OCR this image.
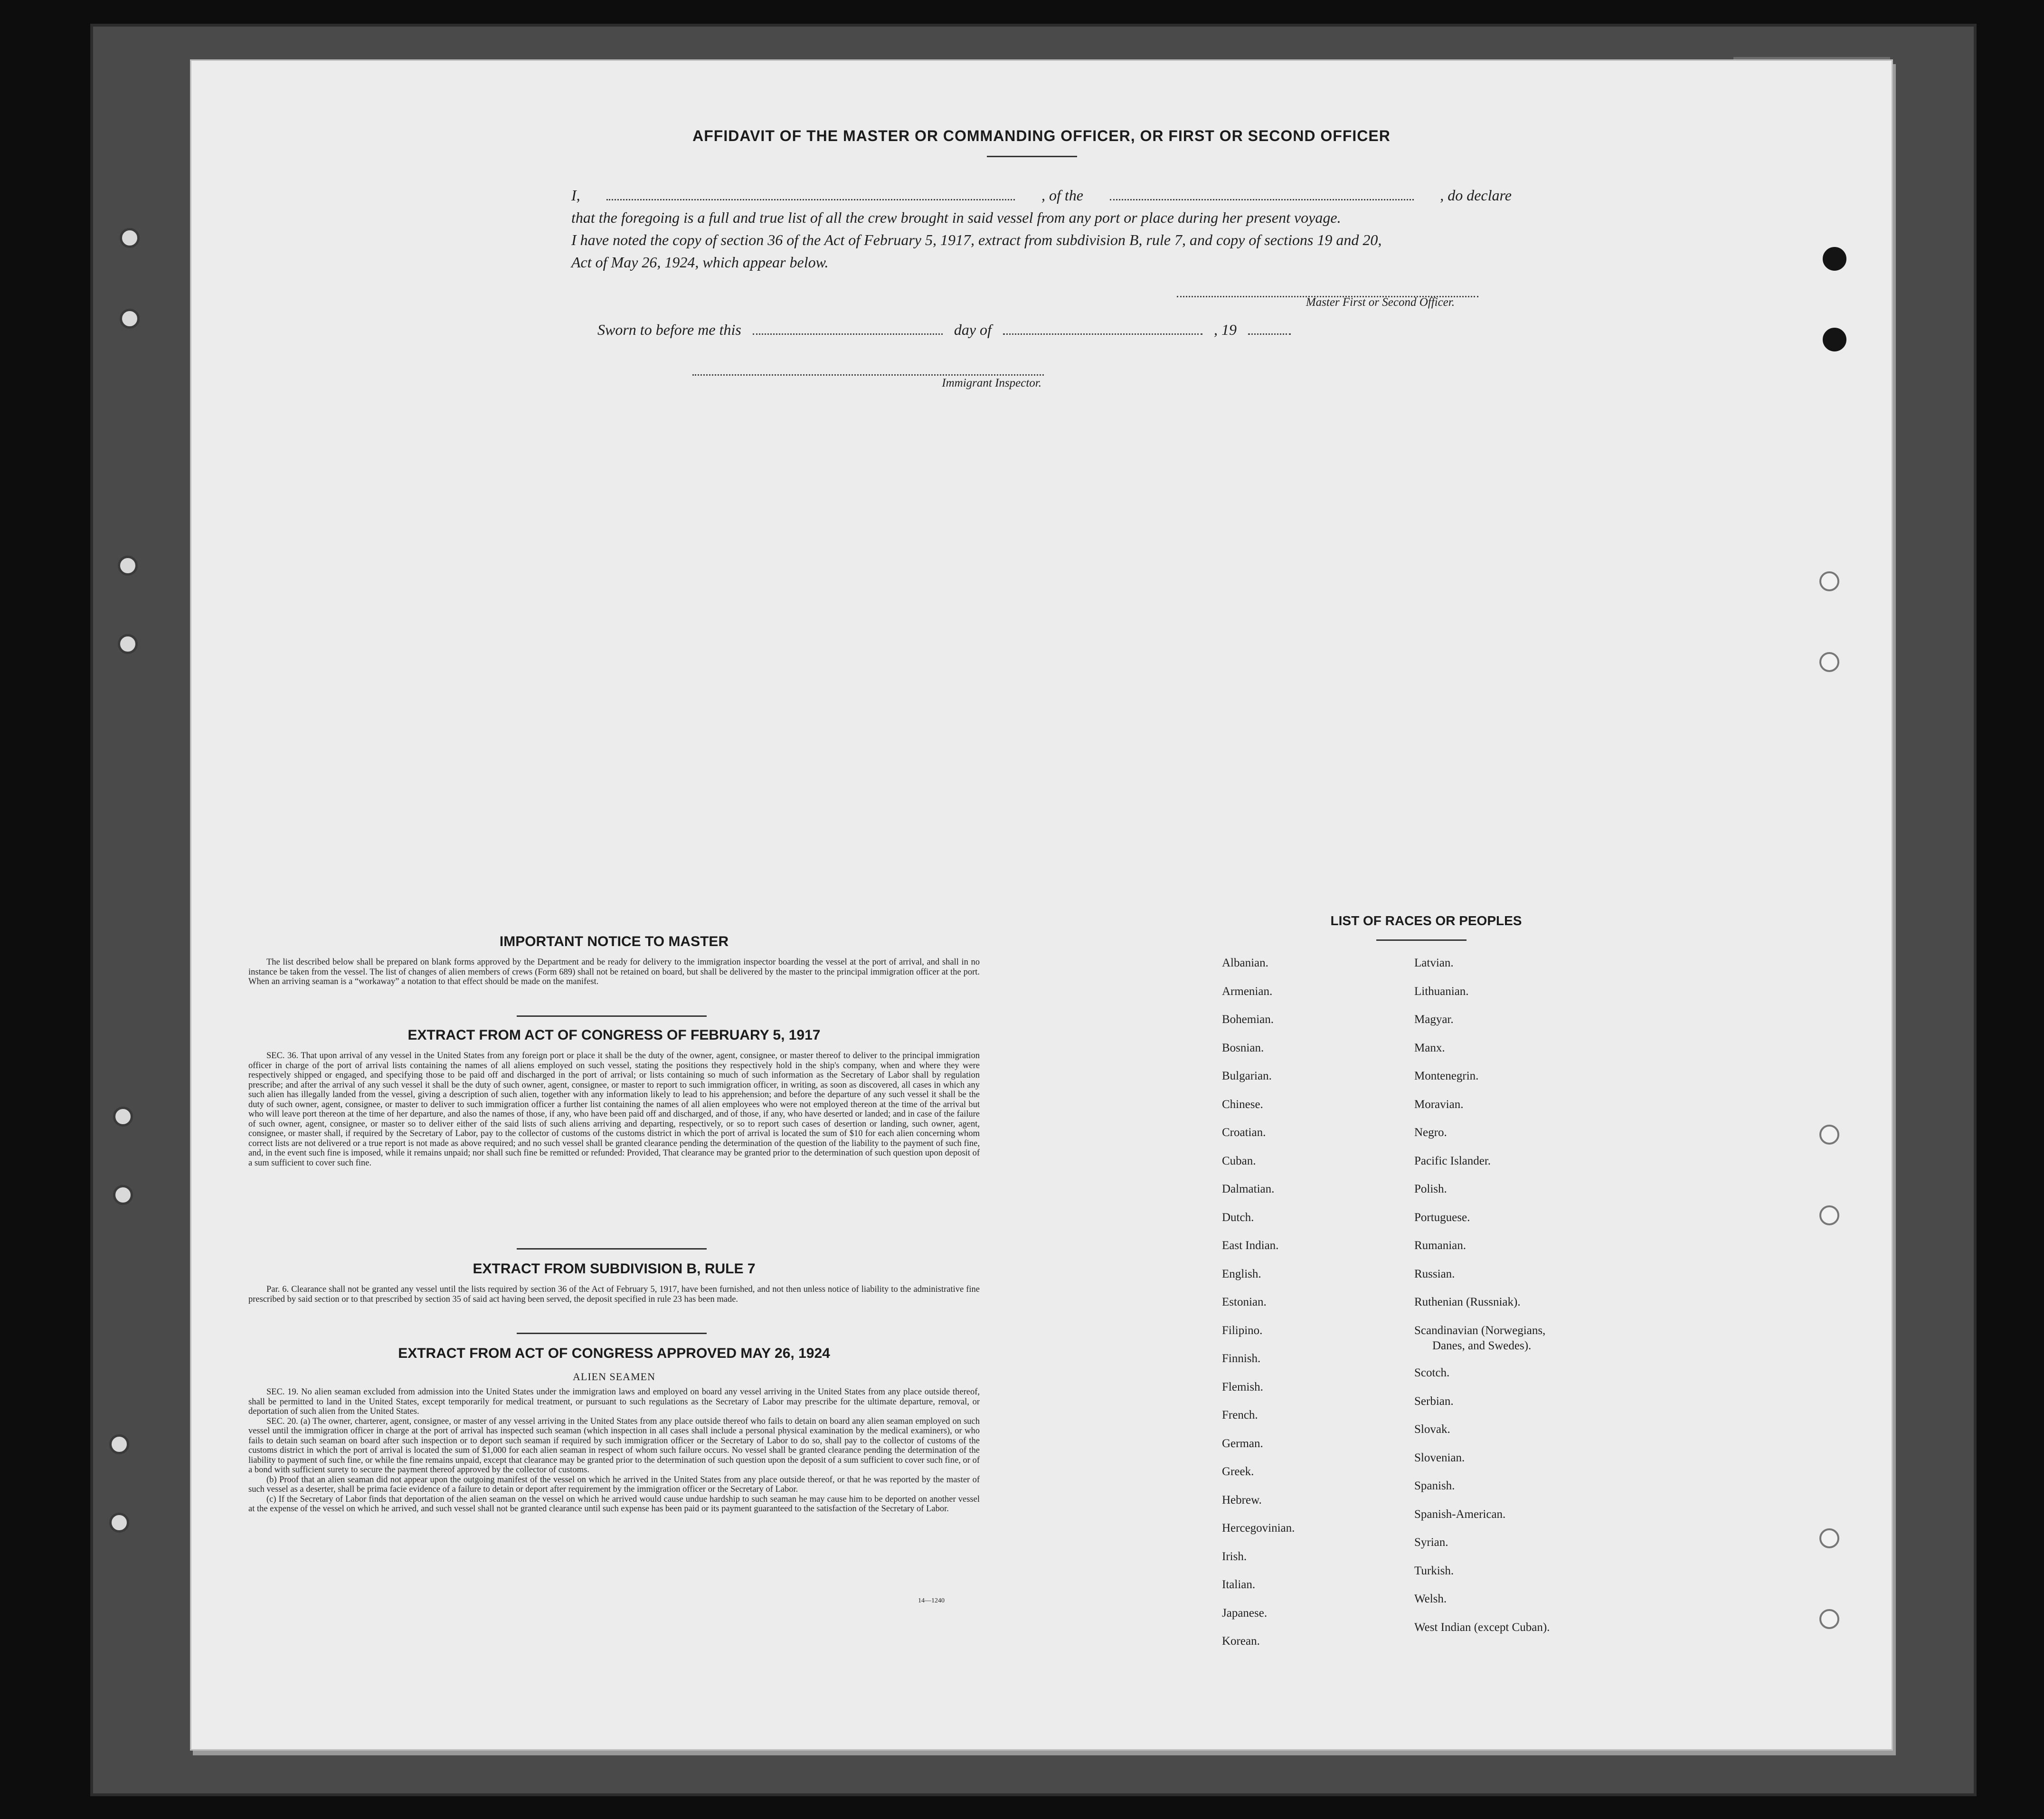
AFFIDAVIT OF THE MASTER OR COMMANDING OFFICER, OR FIRST OR SECOND OFFICER
I,	, of the	, do declare
that the foregoing is a full and true list of all the crew brought in said vessel from any port or place during her present voyage.
I have noted the copy of section 36 of the Act of February 5, 1917, extract from subdivision B, rule 7, and copy of sections 19 and 20,
Act of May 26, 1924, which appear below.
Master First or Second Officer.
Sworn to before me this	day of	, 19
Immigrant Inspector.
IMPORTANT NOTICE TO MASTER

The list described below shall be prepared on blank forms approved by the Department and be ready for delivery to the immigration inspector boarding the vessel at the port of arrival, and shall in no instance be taken from the vessel. The list of changes of alien members of crews (Form 689) shall not be retained on board, but shall be delivered by the master to the principal immigration officer at the port. When an arriving seaman is a “workaway” a notation to that effect should be made on the manifest.

EXTRACT FROM ACT OF CONGRESS OF FEBRUARY 5, 1917

SEC. 36. That upon arrival of any vessel in the United States from any foreign port or place it shall be the duty of the owner, agent, consignee, or master thereof to deliver to the principal immigration officer in charge of the port of arrival lists containing the names of all aliens employed on such vessel, stating the positions they respectively hold in the ship's company, when and where they were respectively shipped or engaged, and specifying those to be paid off and discharged in the port of arrival; or lists containing so much of such information as the Secretary of Labor shall by regulation prescribe; and after the arrival of any such vessel it shall be the duty of such owner, agent, consignee, or master to report to such immigration officer, in writing, as soon as discovered, all cases in which any such alien has illegally landed from the vessel, giving a description of such alien, together with any information likely to lead to his apprehension; and before the departure of any such vessel it shall be the duty of such owner, agent, consignee, or master to deliver to such immigration officer a further list containing the names of all alien employees who were not employed thereon at the time of the arrival but who will leave port thereon at the time of her departure, and also the names of those, if any, who have been paid off and discharged, and of those, if any, who have deserted or landed; and in case of the failure of such owner, agent, consignee, or master so to deliver either of the said lists of such aliens arriving and departing, respectively, or so to report such cases of desertion or landing, such owner, agent, consignee, or master shall, if required by the Secretary of Labor, pay to the collector of customs of the customs district in which the port of arrival is located the sum of $10 for each alien concerning whom correct lists are not delivered or a true report is not made as above required; and no such vessel shall be granted clearance pending the determination of the question of the liability to the payment of such fine, and, in the event such fine is imposed, while it remains unpaid; nor shall such fine be remitted or refunded: Provided, That clearance may be granted prior to the determination of such question upon deposit of a sum sufficient to cover such fine.

EXTRACT FROM SUBDIVISION B, RULE 7

Par. 6. Clearance shall not be granted any vessel until the lists required by section 36 of the Act of February 5, 1917, have been furnished, and not then unless notice of liability to the administrative fine prescribed by said section or to that prescribed by section 35 of said act having been served, the deposit specified in rule 23 has been made.

EXTRACT FROM ACT OF CONGRESS APPROVED MAY 26, 1924
ALIEN SEAMEN

SEC. 19. No alien seaman excluded from admission into the United States under the immigration laws and employed on board any vessel arriving in the United States from any place outside thereof, shall be permitted to land in the United States, except temporarily for medical treatment, or pursuant to such regulations as the Secretary of Labor may prescribe for the ultimate departure, removal, or deportation of such alien from the United States.

SEC. 20. (a) The owner, charterer, agent, consignee, or master of any vessel arriving in the United States from any place outside thereof who fails to detain on board any alien seaman employed on such vessel until the immigration officer in charge at the port of arrival has inspected such seaman (which inspection in all cases shall include a personal physical examination by the medical examiners), or who fails to detain such seaman on board after such inspection or to deport such seaman if required by such immigration officer or the Secretary of Labor to do so, shall pay to the collector of customs of the customs district in which the port of arrival is located the sum of $1,000 for each alien seaman in respect of whom such failure occurs. No vessel shall be granted clearance pending the determination of the liability to payment of such fine, or while the fine remains unpaid, except that clearance may be granted prior to the determination of such question upon the deposit of a sum sufficient to cover such fine, or of a bond with sufficient surety to secure the payment thereof approved by the collector of customs.

(b) Proof that an alien seaman did not appear upon the outgoing manifest of the vessel on which he arrived in the United States from any place outside thereof, or that he was reported by the master of such vessel as a deserter, shall be prima facie evidence of a failure to detain or deport after requirement by the immigration officer or the Secretary of Labor.

(c) If the Secretary of Labor finds that deportation of the alien seaman on the vessel on which he arrived would cause undue hardship to such seaman he may cause him to be deported on another vessel at the expense of the vessel on which he arrived, and such vessel shall not be granted clearance until such expense has been paid or its payment guaranteed to the satisfaction of the Secretary of Labor.

14—1240
LIST OF RACES OR PEOPLES
Albanian.
Armenian.
Bohemian.
Bosnian.
Bulgarian.
Chinese.
Croatian.
Cuban.
Dalmatian.
Dutch.
East Indian.
English.
Estonian.
Filipino.
Finnish.
Flemish.
French.
German.
Greek.
Hebrew.
Hercegovinian.
Irish.
Italian.
Japanese.
Korean.
Latvian.
Lithuanian.
Magyar.
Manx.
Montenegrin.
Moravian.
Negro.
Pacific Islander.
Polish.
Portuguese.
Rumanian.
Russian.
Ruthenian (Russniak).
Scandinavian (Norwegians,
Danes, and Swedes).
Scotch.
Serbian.
Slovak.
Slovenian.
Spanish.
Spanish-American.
Syrian.
Turkish.
Welsh.
West Indian (except Cuban).
